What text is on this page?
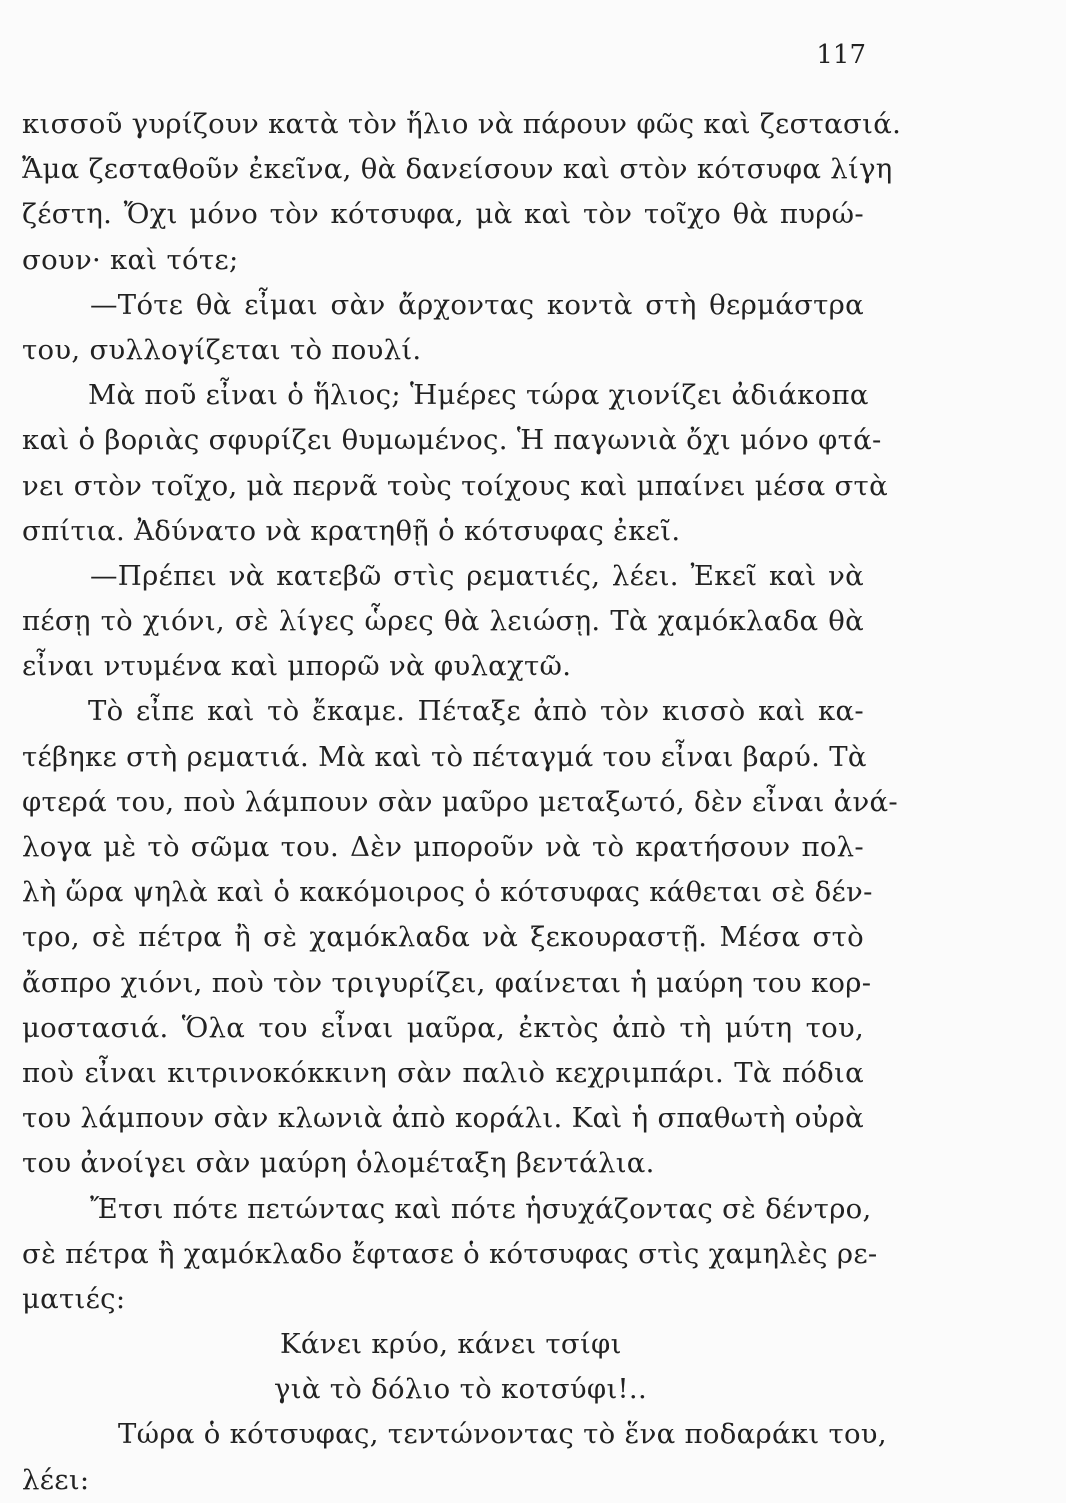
117
κισσοῦ γυρίζουν κατὰ τὸν ἥλιο νὰ πάρουν φῶς καὶ ζεστασιά.
Ἄμα ζεσταθοῦν ἐκεῖνα, θὰ δανείσουν καὶ στὸν κότσυφα λίγη
ζέστη. Ὄχι μόνο τὸν κότσυφα, μὰ καὶ τὸν τοῖχο θὰ πυρώ-
σουν· καὶ τότε;
—Τότε θὰ εἶμαι σὰν ἄρχοντας κοντὰ στὴ θερμάστρα
του, συλλογίζεται τὸ πουλί.
Μὰ ποῦ εἶναι ὁ ἥλιος; Ἡμέρες τώρα χιονίζει ἀδιάκοπα
καὶ ὁ βοριὰς σφυρίζει θυμωμένος. Ἡ παγωνιὰ ὄχι μόνο φτά-
νει στὸν τοῖχο, μὰ περνᾶ τοὺς τοίχους καὶ μπαίνει μέσα στὰ
σπίτια. Ἀδύνατο νὰ κρατηθῇ ὁ κότσυφας ἐκεῖ.
—Πρέπει νὰ κατεβῶ στὶς ρεματιές, λέει. Ἐκεῖ καὶ νὰ
πέσῃ τὸ χιόνι, σὲ λίγες ὧρες θὰ λειώσῃ. Τὰ χαμόκλαδα θὰ
εἶναι ντυμένα καὶ μπορῶ νὰ φυλαχτῶ.
Τὸ εἶπε καὶ τὸ ἔκαμε. Πέταξε ἀπὸ τὸν κισσὸ καὶ κα-
τέβηκε στὴ ρεματιά. Μὰ καὶ τὸ πέταγμά του εἶναι βαρύ. Τὰ
φτερά του, ποὺ λάμπουν σὰν μαῦρο μεταξωτό, δὲν εἶναι ἀνά-
λογα μὲ τὸ σῶμα του. Δὲν μποροῦν νὰ τὸ κρατήσουν πολ-
λὴ ὥρα ψηλὰ καὶ ὁ κακόμοιρος ὁ κότσυφας κάθεται σὲ δέν-
τρο, σὲ πέτρα ἢ σὲ χαμόκλαδα νὰ ξεκουραστῇ. Μέσα στὸ
ἄσπρο χιόνι, ποὺ τὸν τριγυρίζει, φαίνεται ἡ μαύρη του κορ-
μοστασιά. Ὅλα του εἶναι μαῦρα, ἐκτὸς ἀπὸ τὴ μύτη του,
ποὺ εἶναι κιτρινοκόκκινη σὰν παλιὸ κεχριμπάρι. Τὰ πόδια
του λάμπουν σὰν κλωνιὰ ἀπὸ κοράλι. Καὶ ἡ σπαθωτὴ οὐρὰ
του ἀνοίγει σὰν μαύρη ὁλομέταξη βεντάλια.
Ἔτσι πότε πετώντας καὶ πότε ἡσυχάζοντας σὲ δέντρο,
σὲ πέτρα ἢ χαμόκλαδο ἔφτασε ὁ κότσυφας στὶς χαμηλὲς ρε-
ματιές:
Κάνει κρύο, κάνει τσίφι
γιὰ τὸ δόλιο τὸ κοτσύφι!..
Τώρα ὁ κότσυφας, τεντώνοντας τὸ ἕνα ποδαράκι του,
λέει:
